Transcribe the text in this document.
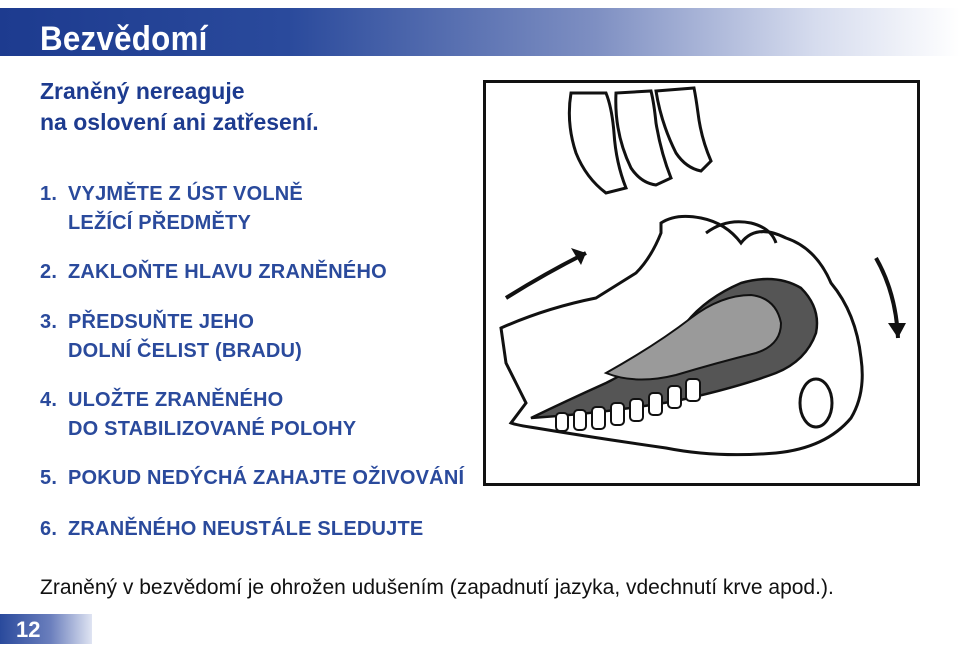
Bezvědomí
Zraněný nereaguje
na oslovení ani zatřesení.
1. VYJMĚTE Z ÚST VOLNĚ
LEŽÍCÍ PŘEDMĚTY
2. ZAKLOŇTE HLAVU ZRANĚNÉHO
3. PŘEDSUŇTE JEHO
DOLNÍ ČELIST (BRADU)
4. ULOŽTE ZRANĚNÉHO
DO STABILIZOVANÉ POLOHY
5. POKUD NEDÝCHÁ ZAHAJTE OŽIVOVÁNÍ
6. ZRANĚNÉHO NEUSTÁLE SLEDUJTE
Zraněný v bezvědomí je ohrožen udušením (zapadnutí jazyka, vdechnutí krve apod.).
12
